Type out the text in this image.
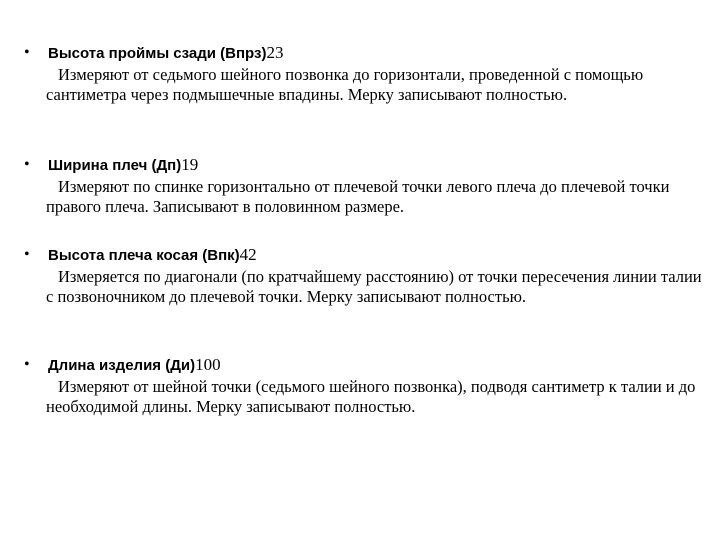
• Высота проймы сзади (Впрз)23
Измеряют от седьмого шейного позвонка до горизонтали, проведенной с помощью сантиметра через подмышечные впадины. Мерку записывают полностью.
• Ширина плеч (Дп)19
Измеряют по спинке горизонтально от плечевой точки левого плеча до плечевой точки правого плеча. Записывают в половинном размере.
• Высота плеча косая (Впк)42
Измеряется по диагонали (по кратчайшему расстоянию) от точки пересечения линии талии с позвоночником до плечевой точки. Мерку записывают полностью.
• Длина изделия (Ди)100
Измеряют от шейной точки (седьмого шейного позвонка), подводя сантиметр к талии и до необходимой длины. Мерку записывают полностью.
